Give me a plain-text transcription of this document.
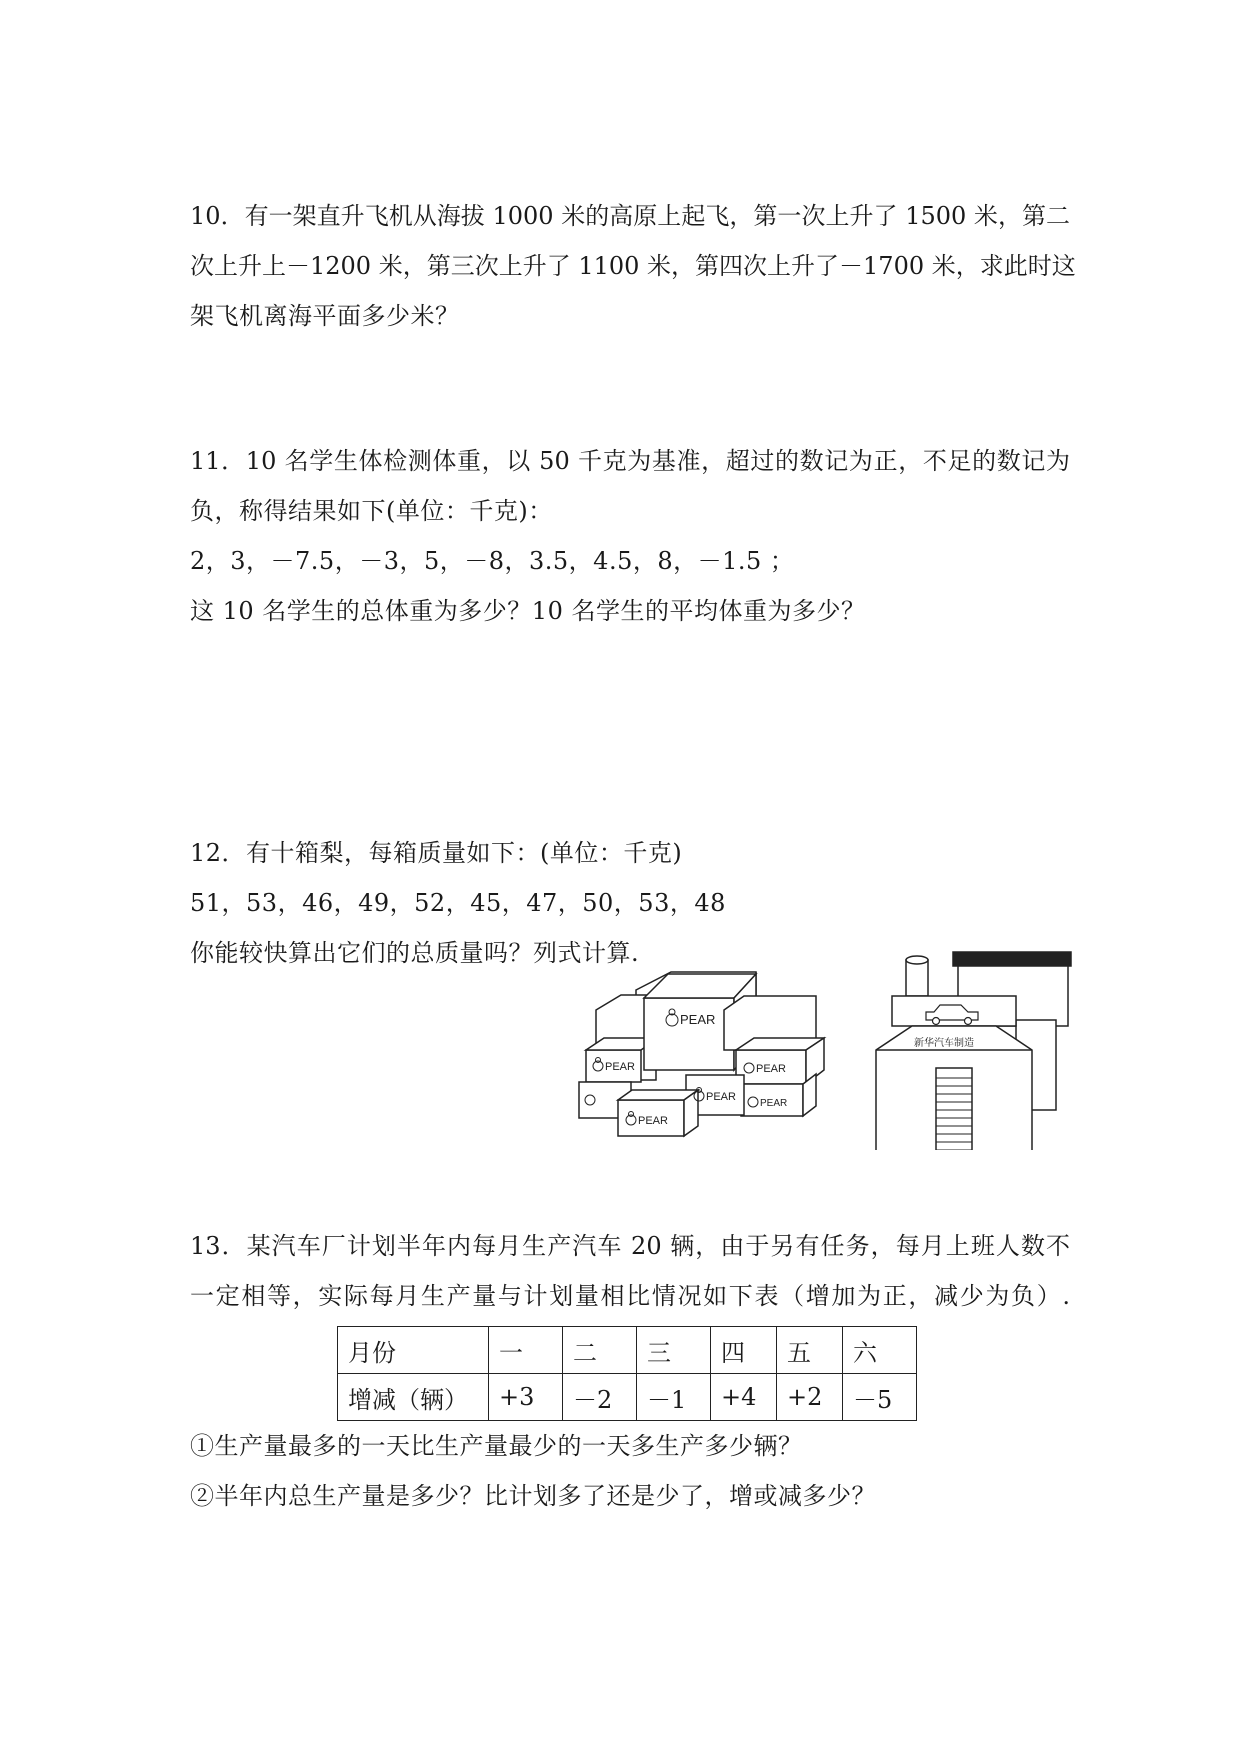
10．有一架直升飞机从海拔 1000 米的高原上起飞，第一次上升了 1500 米，第二
次上升上－1200 米，第三次上升了 1100 米，第四次上升了－1700 米，求此时这
架飞机离海平面多少米？
11．10 名学生体检测体重，以 50 千克为基准，超过的数记为正，不足的数记为
负，称得结果如下(单位：千克)：
2，3，－7.5，－3，5，－8，3.5，4.5，8，－1.5 ；
这 10 名学生的总体重为多少？10 名学生的平均体重为多少？
12．有十箱梨，每箱质量如下：(单位：千克)
51，53，46，49，52，45，47，50，53，48
你能较快算出它们的总质量吗？列式计算.
PEAR
PEAR
PEAR
PEAR
PEAR
PEAR
新华汽车制造
13．某汽车厂计划半年内每月生产汽车 20 辆，由于另有任务，每月上班人数不
一定相等，实际每月生产量与计划量相比情况如下表（增加为正，减少为负）.
月份	一	二	三	四	五	六
增减（辆）	+3	－2	－1	+4	+2	－5
①生产量最多的一天比生产量最少的一天多生产多少辆？
②半年内总生产量是多少？比计划多了还是少了，增或减多少？
